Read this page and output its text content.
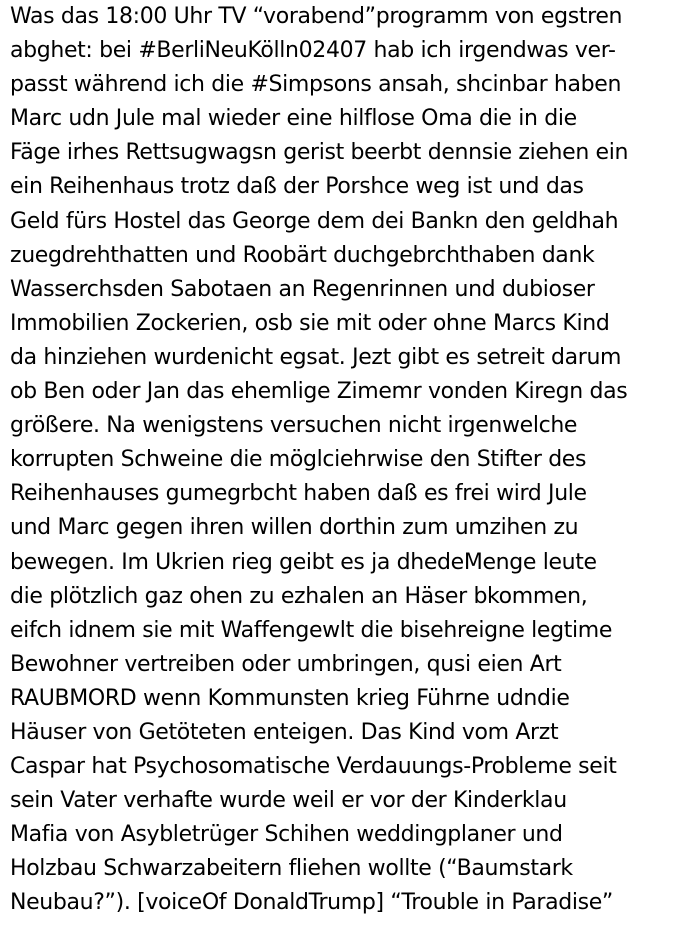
Was das 18:00 Uhr TV “vorabend”programm von egstren
abghet: bei #BerliNeuKölln02407 hab ich irgendwas ver-
passt während ich die #Simpsons ansah, shcinbar haben
Marc udn Jule mal wieder eine hilflose Oma die in die
Fäge irhes Rettsugwagsn gerist beerbt dennsie ziehen ein
ein Reihenhaus trotz daß der Porshce weg ist und das
Geld fürs Hostel das George dem dei Bankn den geldhah
zuegdrehthatten und Roobärt duchgebrchthaben dank
Wasserchsden Sabotaen an Regenrinnen und dubioser
Immobilien Zockerien, osb sie mit oder ohne Marcs Kind
da hinziehen wurdenicht egsat. Jezt gibt es setreit darum
ob Ben oder Jan das ehemlige Zimemr vonden Kiregn das
größere. Na wenigstens versuchen nicht irgenwelche
korrupten Schweine die möglciehrwise den Stifter des
Reihenhauses gumegrbcht haben daß es frei wird Jule
und Marc gegen ihren willen dorthin zum umzihen zu
bewegen. Im Ukrien rieg geibt es ja dhedeMenge leute
die plötzlich gaz ohen zu ezhalen an Häser bkommen,
eifch idnem sie mit Waffengewlt die bisehreigne legtime
Bewohner vertreiben oder umbringen, qusi eien Art
RAUBMORD wenn Kommunsten krieg Führne udndie
Häuser von Getöteten enteigen. Das Kind vom Arzt
Caspar hat Psychosomatische Verdauungs-Probleme seit
sein Vater verhafte wurde weil er vor der Kinderklau
Mafia von Asybletrüger Schihen weddingplaner und
Holzbau Schwarzabeitern fliehen wollte (“Baumstark
Neubau?”). [voiceOf DonaldTrump] “Trouble in Paradise”
